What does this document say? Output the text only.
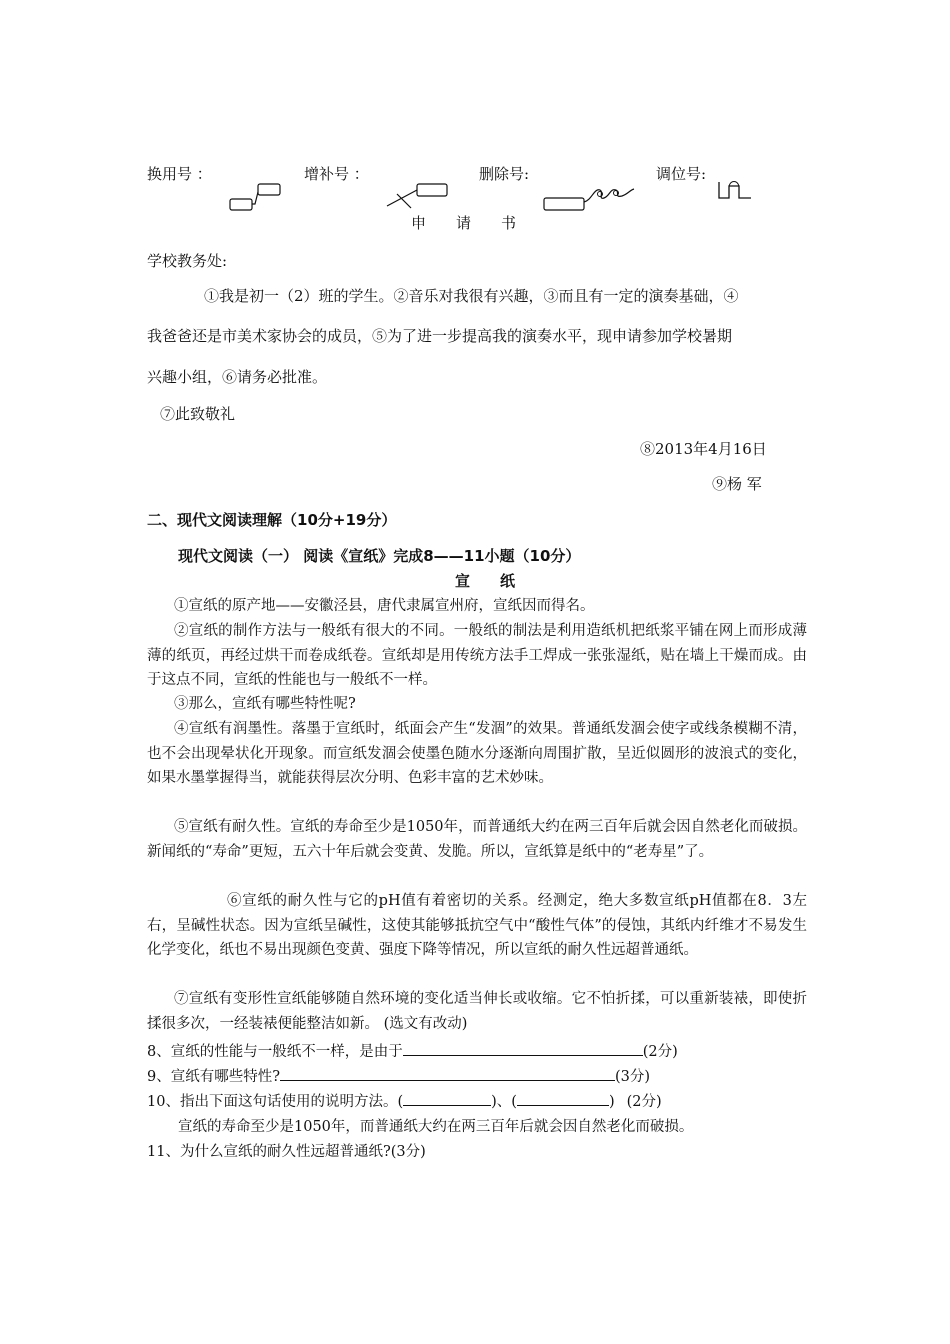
换用号 ：	增补号 ：	删除号:	调位号:
申　　请　　书
学校教务处:
①我是初一（2）班的学生。②音乐对我很有兴趣，③而且有一定的演奏基础，④
我爸爸还是市美术家协会的成员，⑤为了进一步提高我的演奏水平，现申请参加学校暑期
兴趣小组，⑥请务必批准。
⑦此致敬礼
⑧2013年4月16日
⑨杨 军
二、现代文阅读理解（10分+19分）
现代文阅读（一） 阅读《宣纸》完成8——11小题（10分）
宣　　纸
①宣纸的原产地——安徽泾县，唐代隶属宣州府，宣纸因而得名。
②宣纸的制作方法与一般纸有很大的不同。一般纸的制法是利用造纸机把纸浆平铺在网上而形成薄薄的纸页，再经过烘干而卷成纸卷。宣纸却是用传统方法手工焊成一张张湿纸，贴在墙上干燥而成。由于这点不同，宣纸的性能也与一般纸不一样。
③那么，宣纸有哪些特性呢?
④宣纸有润墨性。落墨于宣纸时，纸面会产生“发涸”的效果。普通纸发涸会使字或线条模糊不清，也不会出现晕状化开现象。而宣纸发涸会使墨色随水分逐渐向周围扩散，呈近似圆形的波浪式的变化，如果水墨掌握得当，就能获得层次分明、色彩丰富的艺术妙味。
⑤宣纸有耐久性。宣纸的寿命至少是1050年，而普通纸大约在两三百年后就会因自然老化而破损。新闻纸的“寿命”更短，五六十年后就会变黄、发脆。所以，宣纸算是纸中的“老寿星”了。
⑥宣纸的耐久性与它的pH值有着密切的关系。经测定，绝大多数宣纸pH值都在8．3左右，呈碱性状态。因为宣纸呈碱性，这使其能够抵抗空气中“酸性气体”的侵蚀，其纸内纤维才不易发生化学变化，纸也不易出现颜色变黄、强度下降等情况，所以宣纸的耐久性远超普通纸。
⑦宣纸有变形性宣纸能够随自然环境的变化适当伸长或收缩。它不怕折揉，可以重新装裱，即使折揉很多次，一经装裱便能整洁如新。 (选文有改动)
8、宣纸的性能与一般纸不一样，是由于	(2分)
9、宣纸有哪些特性?	(3分)
10、指出下面这句话使用的说明方法。(	)、(	) (2分)
宣纸的寿命至少是1050年，而普通纸大约在两三百年后就会因自然老化而破损。
11、为什么宣纸的耐久性远超普通纸?(3分)
